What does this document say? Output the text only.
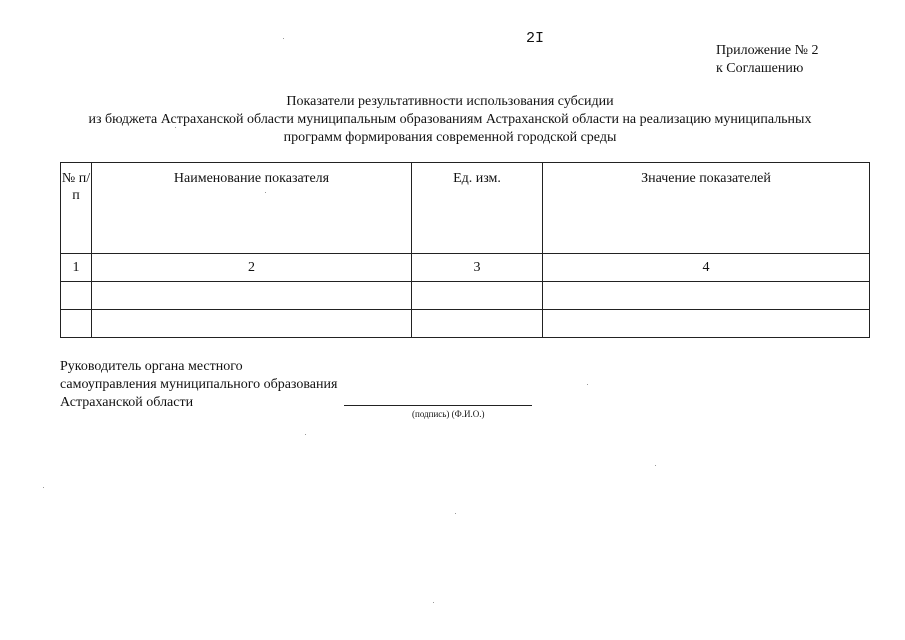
2I
Приложение № 2
к Соглашению
Показатели результативности использования субсидии
из бюджета Астраханской области муниципальным образованиям Астраханской области на реализацию муниципальных
программ формирования современной городской среды
№ п/п	Наименование показателя	Ед. изм.	Значение показателей
1	2	3	4

Руководитель органа местного
самоуправления муниципального образования
Астраханской области
(подпись) (Ф.И.О.)
